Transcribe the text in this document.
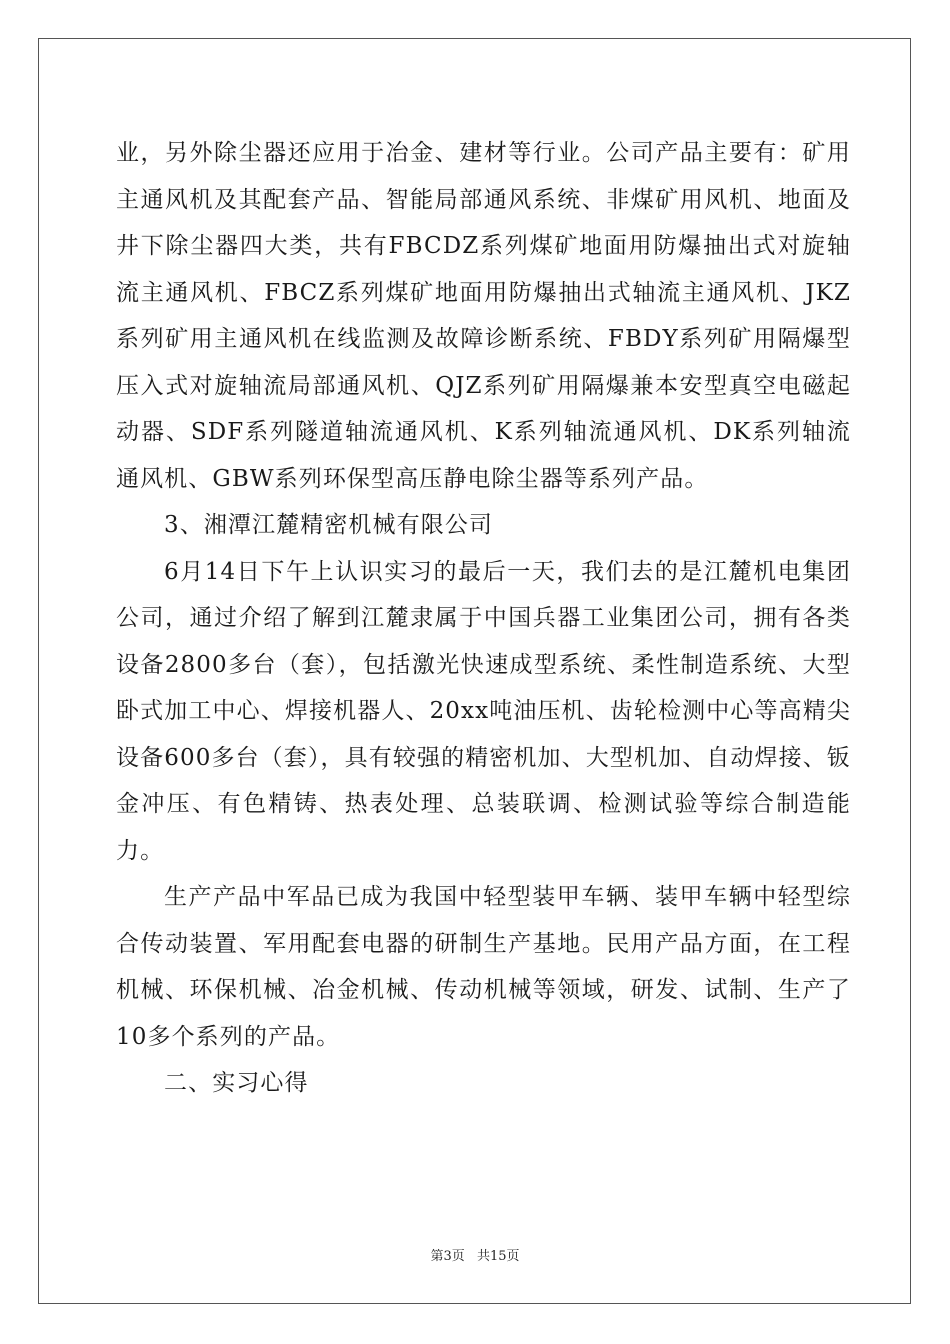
业，另外除尘器还应用于冶金、建材等行业。公司产品主要有：矿用主通风机及其配套产品、智能局部通风系统、非煤矿用风机、地面及井下除尘器四大类，共有FBCDZ系列煤矿地面用防爆抽出式对旋轴流主通风机、FBCZ系列煤矿地面用防爆抽出式轴流主通风机、JKZ系列矿用主通风机在线监测及故障诊断系统、FBDY系列矿用隔爆型压入式对旋轴流局部通风机、QJZ系列矿用隔爆兼本安型真空电磁起动器、SDF系列隧道轴流通风机、K系列轴流通风机、DK系列轴流通风机、GBW系列环保型高压静电除尘器等系列产品。

3、湘潭江麓精密机械有限公司

6月14日下午上认识实习的最后一天，我们去的是江麓机电集团公司，通过介绍了解到江麓隶属于中国兵器工业集团公司，拥有各类设备2800多台（套），包括激光快速成型系统、柔性制造系统、大型卧式加工中心、焊接机器人、20xx吨油压机、齿轮检测中心等高精尖设备600多台（套），具有较强的精密机加、大型机加、自动焊接、钣金冲压、有色精铸、热表处理、总装联调、检测试验等综合制造能力。

生产产品中军品已成为我国中轻型装甲车辆、装甲车辆中轻型综合传动装置、军用配套电器的研制生产基地。民用产品方面，在工程机械、环保机械、冶金机械、传动机械等领域，研发、试制、生产了10多个系列的产品。

二、实习心得

第3页 共15页
